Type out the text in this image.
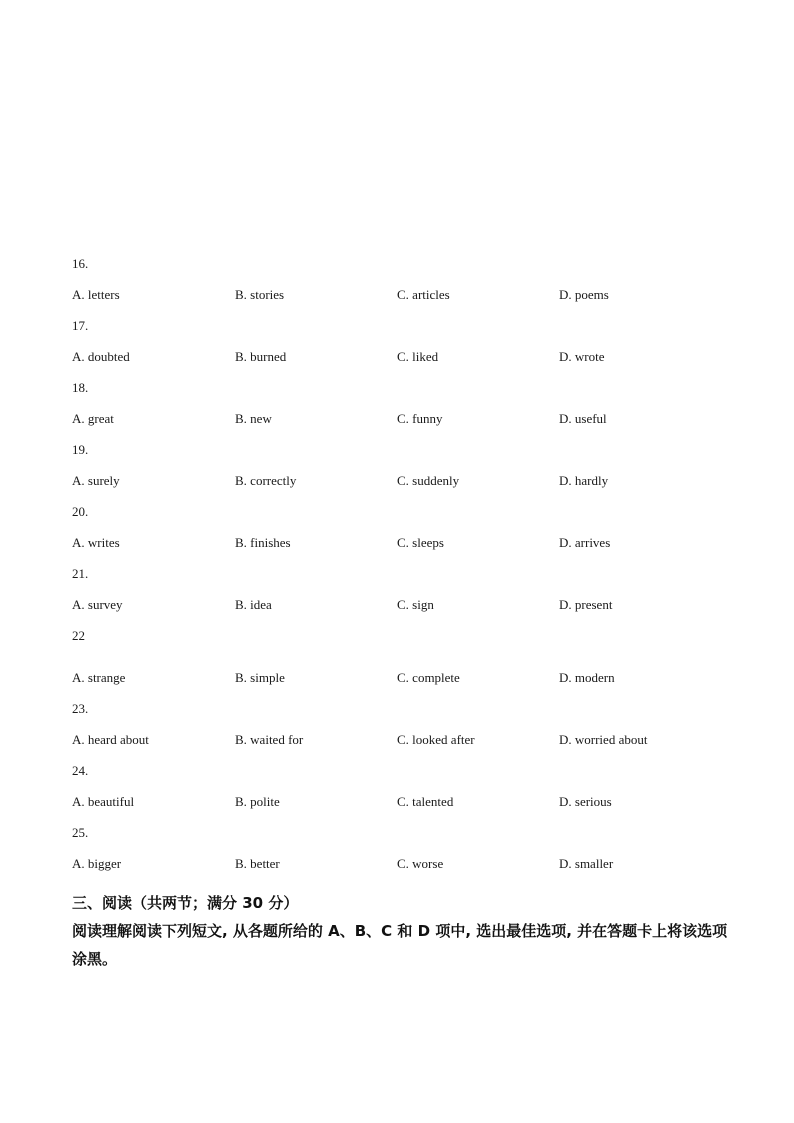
16.
A. letters	B. stories	C. articles	D. poems
17.
A. doubted	B. burned	C. liked	D. wrote
18.
A. great	B. new	C. funny	D. useful
19.
A. surely	B. correctly	C. suddenly	D. hardly
20.
A. writes	B. finishes	C. sleeps	D. arrives
21.
A. survey	B. idea	C. sign	D. present
22
A. strange	B. simple	C. complete	D. modern
23.
A. heard about	B. waited for	C. looked after	D. worried about
24.
A. beautiful	B. polite	C. talented	D. serious
25.
A. bigger	B. better	C. worse	D. smaller
三、阅读（共两节；满分 30 分）
阅读理解阅读下列短文, 从各题所给的 A、B、C 和 D 项中, 选出最佳选项, 并在答题卡上将该选项涂黑。
